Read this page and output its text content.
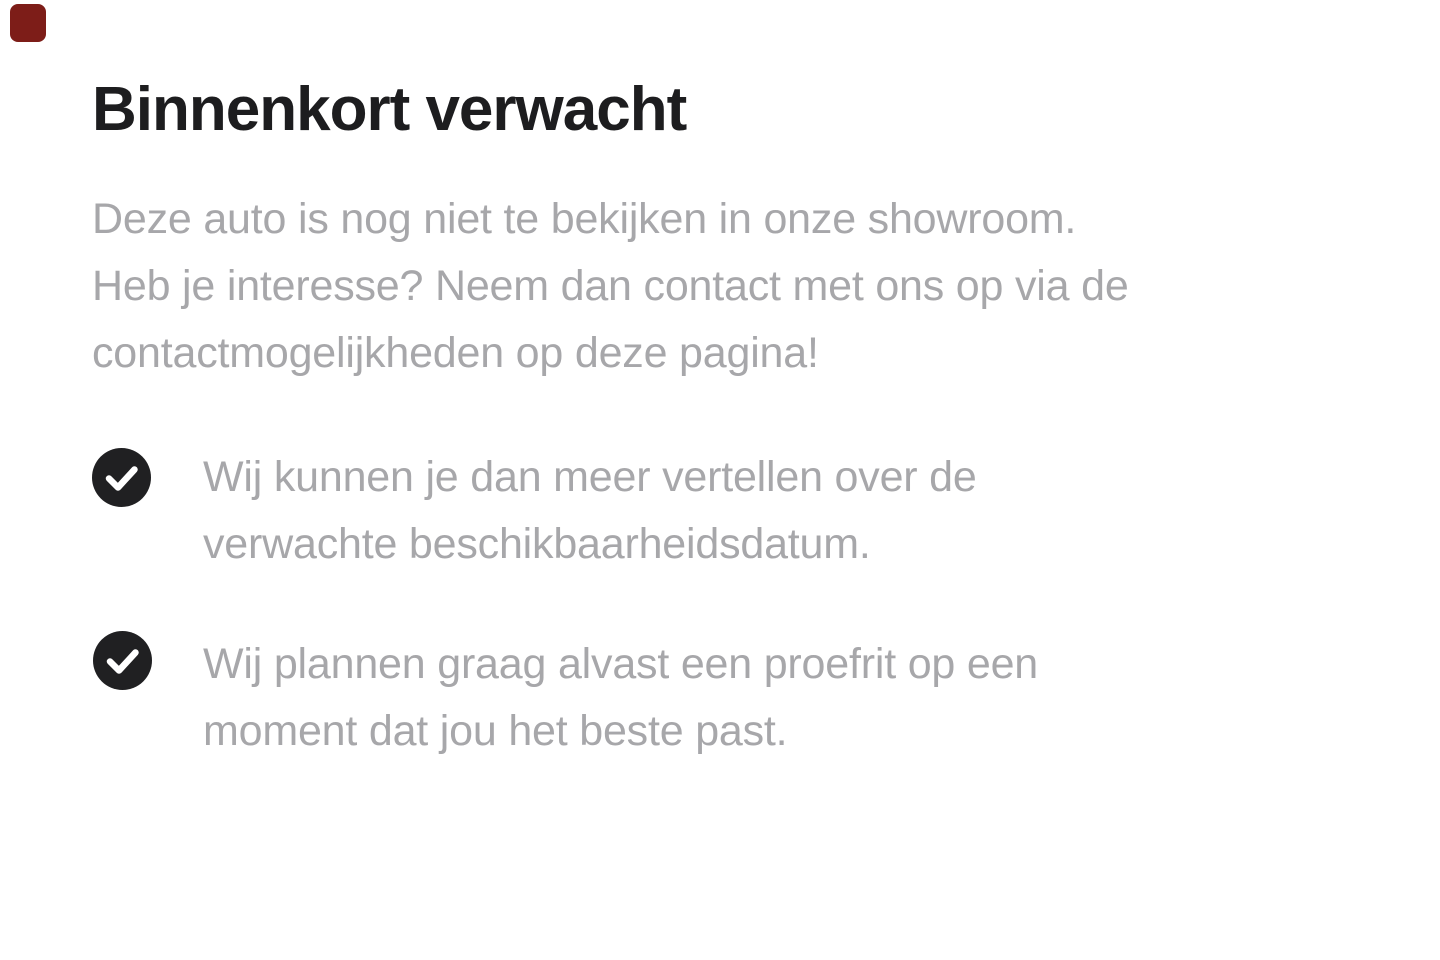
Binnenkort verwacht
Deze auto is nog niet te bekijken in onze showroom.
Heb je interesse? Neem dan contact met ons op via de
contactmogelijkheden op deze pagina!
Wij kunnen je dan meer vertellen over de
verwachte beschikbaarheidsdatum.
Wij plannen graag alvast een proefrit op een
moment dat jou het beste past.
